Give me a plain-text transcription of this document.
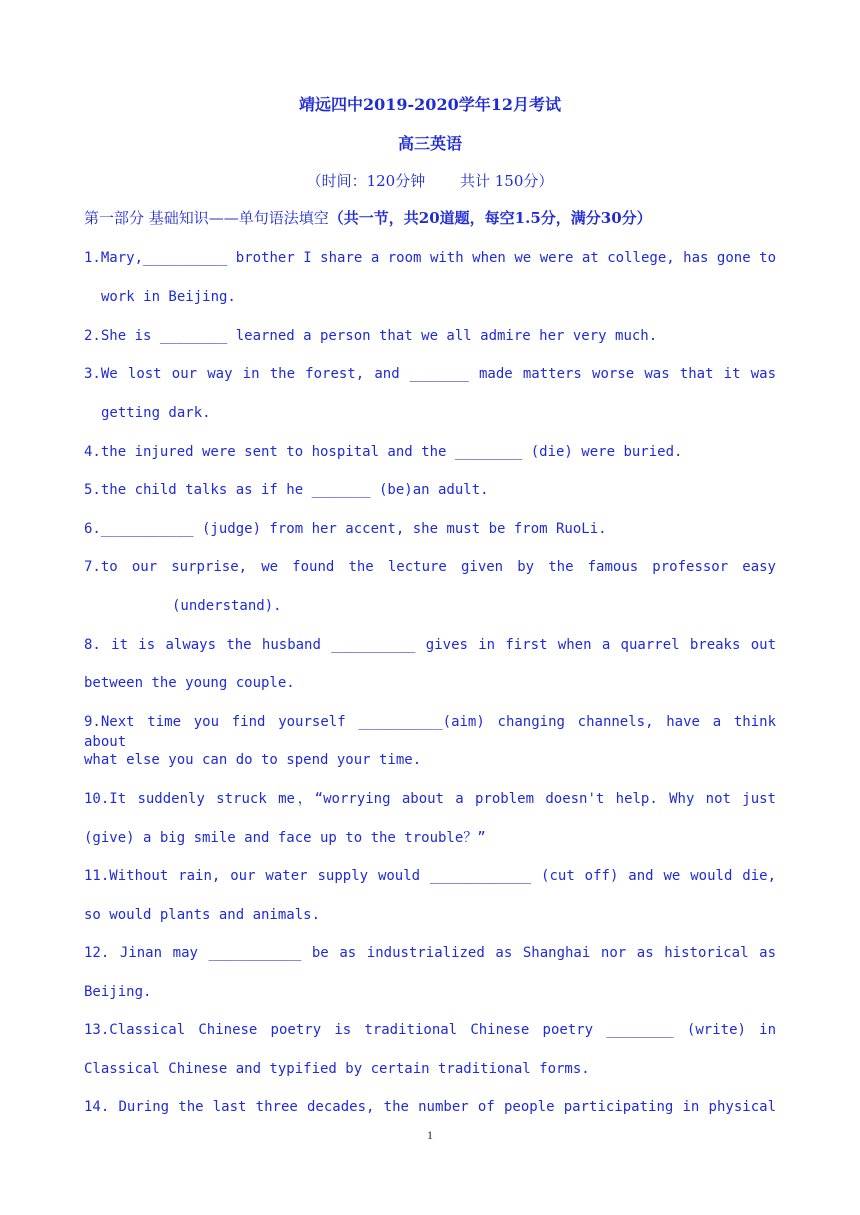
靖远四中2019-2020学年12月考试
高三英语
（时间：120分钟　　 共计 150分）
第一部分 基础知识——单句语法填空（共一节，共20道题，每空1.5分，满分30分）
1.Mary,__________ brother I share a room with when we were at college, has gone to
work in Beijing.
2.She is ________ learned a person that we all admire her very much.
3.We lost our way in the forest, and _______ made matters worse was that it was
getting dark.
4.the injured were sent to hospital and the ________ (die) were buried.
5.the child talks as if he _______ (be)an adult.
6.___________ (judge) from her accent, she must be from RuoLi.
7.to our surprise, we found the lecture given by the famous professor easy
(understand).
8. it is always the husband __________ gives in first when a quarrel breaks out
between the young couple.
9.Next time you find yourself __________(aim) changing channels, have a think about
what else you can do to spend your time.
10.It suddenly struck me，“worrying about a problem doesn't help. Why not just
(give) a big smile and face up to the trouble？”
11.Without rain, our water supply would ____________ (cut off) and we would die,
so would plants and animals.
12. Jinan may ___________ be as industrialized as Shanghai nor as historical as
Beijing.
13.Classical Chinese poetry is traditional Chinese poetry ________ (write) in
Classical Chinese and typified by certain traditional forms.
14. During the last three decades, the number of people participating in physical
1
